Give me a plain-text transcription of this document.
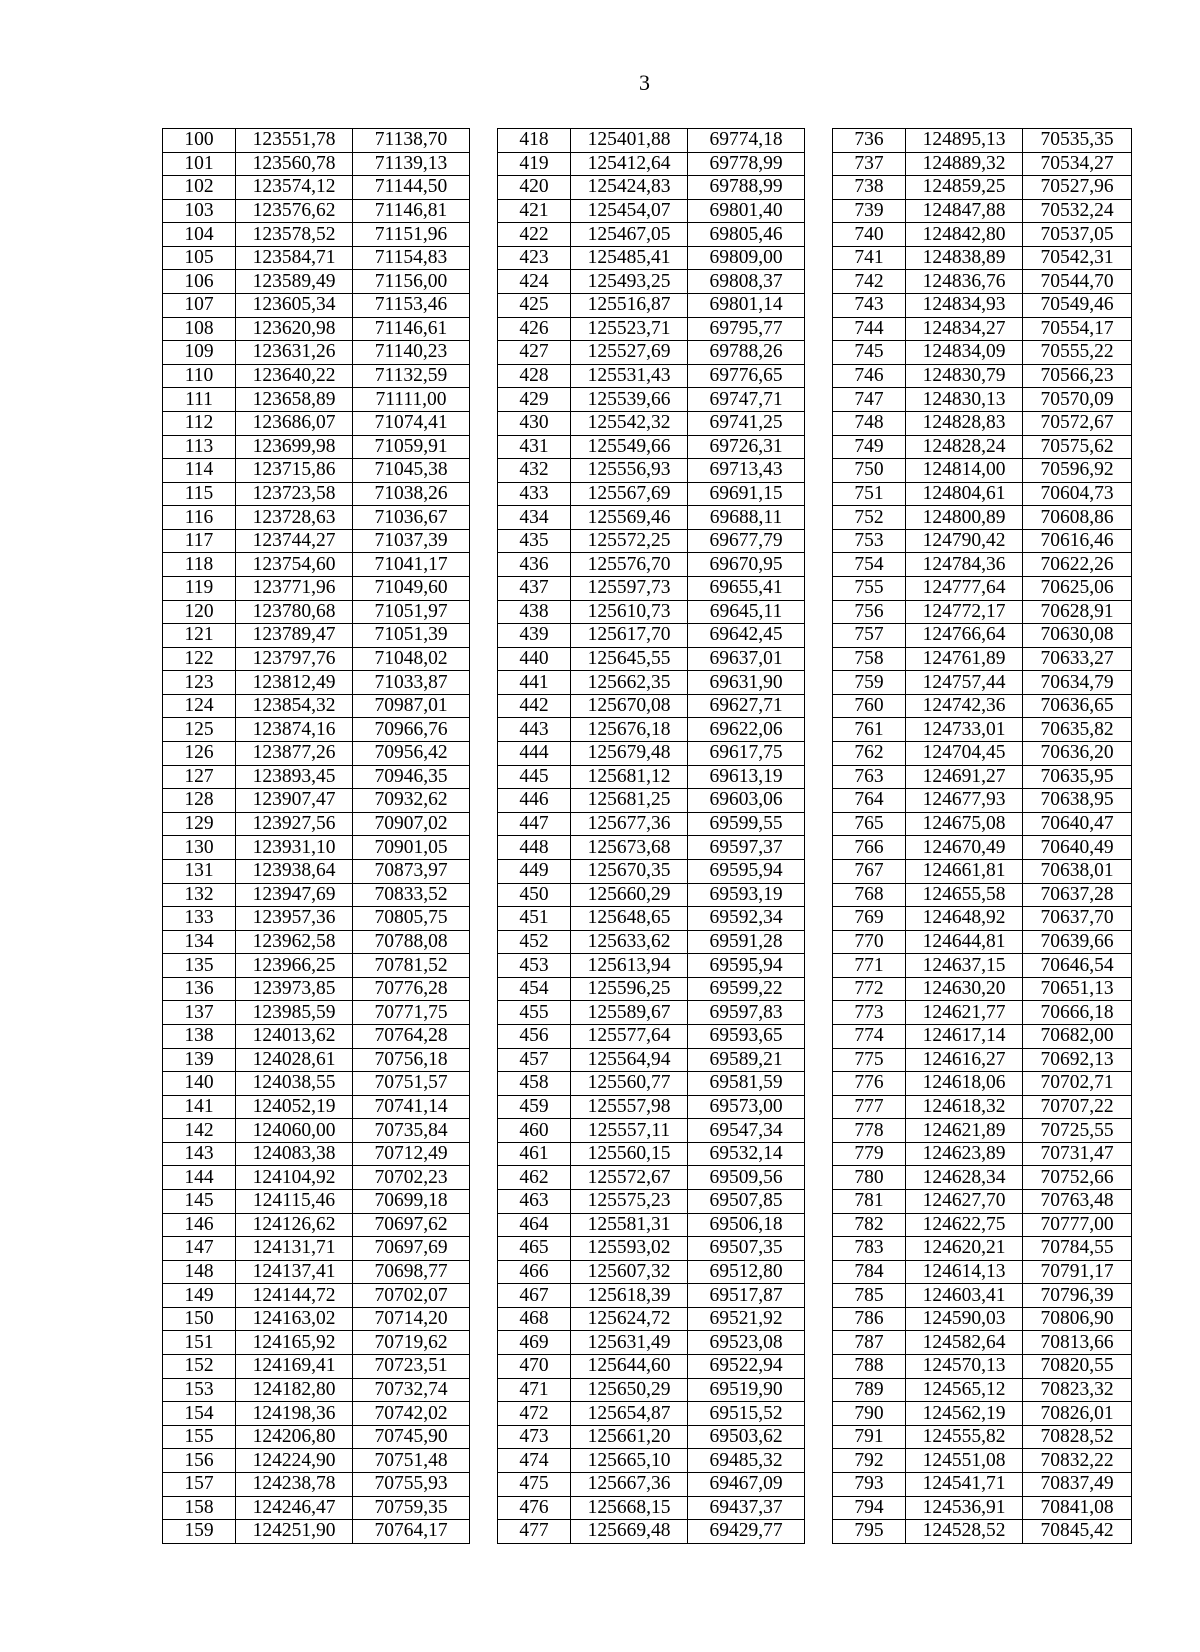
3
100	123551,78	71138,70		418	125401,88	69774,18		736	124895,13	70535,35
101	123560,78	71139,13		419	125412,64	69778,99		737	124889,32	70534,27
102	123574,12	71144,50		420	125424,83	69788,99		738	124859,25	70527,96
103	123576,62	71146,81		421	125454,07	69801,40		739	124847,88	70532,24
104	123578,52	71151,96		422	125467,05	69805,46		740	124842,80	70537,05
105	123584,71	71154,83		423	125485,41	69809,00		741	124838,89	70542,31
106	123589,49	71156,00		424	125493,25	69808,37		742	124836,76	70544,70
107	123605,34	71153,46		425	125516,87	69801,14		743	124834,93	70549,46
108	123620,98	71146,61		426	125523,71	69795,77		744	124834,27	70554,17
109	123631,26	71140,23		427	125527,69	69788,26		745	124834,09	70555,22
110	123640,22	71132,59		428	125531,43	69776,65		746	124830,79	70566,23
111	123658,89	71111,00		429	125539,66	69747,71		747	124830,13	70570,09
112	123686,07	71074,41		430	125542,32	69741,25		748	124828,83	70572,67
113	123699,98	71059,91		431	125549,66	69726,31		749	124828,24	70575,62
114	123715,86	71045,38		432	125556,93	69713,43		750	124814,00	70596,92
115	123723,58	71038,26		433	125567,69	69691,15		751	124804,61	70604,73
116	123728,63	71036,67		434	125569,46	69688,11		752	124800,89	70608,86
117	123744,27	71037,39		435	125572,25	69677,79		753	124790,42	70616,46
118	123754,60	71041,17		436	125576,70	69670,95		754	124784,36	70622,26
119	123771,96	71049,60		437	125597,73	69655,41		755	124777,64	70625,06
120	123780,68	71051,97		438	125610,73	69645,11		756	124772,17	70628,91
121	123789,47	71051,39		439	125617,70	69642,45		757	124766,64	70630,08
122	123797,76	71048,02		440	125645,55	69637,01		758	124761,89	70633,27
123	123812,49	71033,87		441	125662,35	69631,90		759	124757,44	70634,79
124	123854,32	70987,01		442	125670,08	69627,71		760	124742,36	70636,65
125	123874,16	70966,76		443	125676,18	69622,06		761	124733,01	70635,82
126	123877,26	70956,42		444	125679,48	69617,75		762	124704,45	70636,20
127	123893,45	70946,35		445	125681,12	69613,19		763	124691,27	70635,95
128	123907,47	70932,62		446	125681,25	69603,06		764	124677,93	70638,95
129	123927,56	70907,02		447	125677,36	69599,55		765	124675,08	70640,47
130	123931,10	70901,05		448	125673,68	69597,37		766	124670,49	70640,49
131	123938,64	70873,97		449	125670,35	69595,94		767	124661,81	70638,01
132	123947,69	70833,52		450	125660,29	69593,19		768	124655,58	70637,28
133	123957,36	70805,75		451	125648,65	69592,34		769	124648,92	70637,70
134	123962,58	70788,08		452	125633,62	69591,28		770	124644,81	70639,66
135	123966,25	70781,52		453	125613,94	69595,94		771	124637,15	70646,54
136	123973,85	70776,28		454	125596,25	69599,22		772	124630,20	70651,13
137	123985,59	70771,75		455	125589,67	69597,83		773	124621,77	70666,18
138	124013,62	70764,28		456	125577,64	69593,65		774	124617,14	70682,00
139	124028,61	70756,18		457	125564,94	69589,21		775	124616,27	70692,13
140	124038,55	70751,57		458	125560,77	69581,59		776	124618,06	70702,71
141	124052,19	70741,14		459	125557,98	69573,00		777	124618,32	70707,22
142	124060,00	70735,84		460	125557,11	69547,34		778	124621,89	70725,55
143	124083,38	70712,49		461	125560,15	69532,14		779	124623,89	70731,47
144	124104,92	70702,23		462	125572,67	69509,56		780	124628,34	70752,66
145	124115,46	70699,18		463	125575,23	69507,85		781	124627,70	70763,48
146	124126,62	70697,62		464	125581,31	69506,18		782	124622,75	70777,00
147	124131,71	70697,69		465	125593,02	69507,35		783	124620,21	70784,55
148	124137,41	70698,77		466	125607,32	69512,80		784	124614,13	70791,17
149	124144,72	70702,07		467	125618,39	69517,87		785	124603,41	70796,39
150	124163,02	70714,20		468	125624,72	69521,92		786	124590,03	70806,90
151	124165,92	70719,62		469	125631,49	69523,08		787	124582,64	70813,66
152	124169,41	70723,51		470	125644,60	69522,94		788	124570,13	70820,55
153	124182,80	70732,74		471	125650,29	69519,90		789	124565,12	70823,32
154	124198,36	70742,02		472	125654,87	69515,52		790	124562,19	70826,01
155	124206,80	70745,90		473	125661,20	69503,62		791	124555,82	70828,52
156	124224,90	70751,48		474	125665,10	69485,32		792	124551,08	70832,22
157	124238,78	70755,93		475	125667,36	69467,09		793	124541,71	70837,49
158	124246,47	70759,35		476	125668,15	69437,37		794	124536,91	70841,08
159	124251,90	70764,17		477	125669,48	69429,77		795	124528,52	70845,42
